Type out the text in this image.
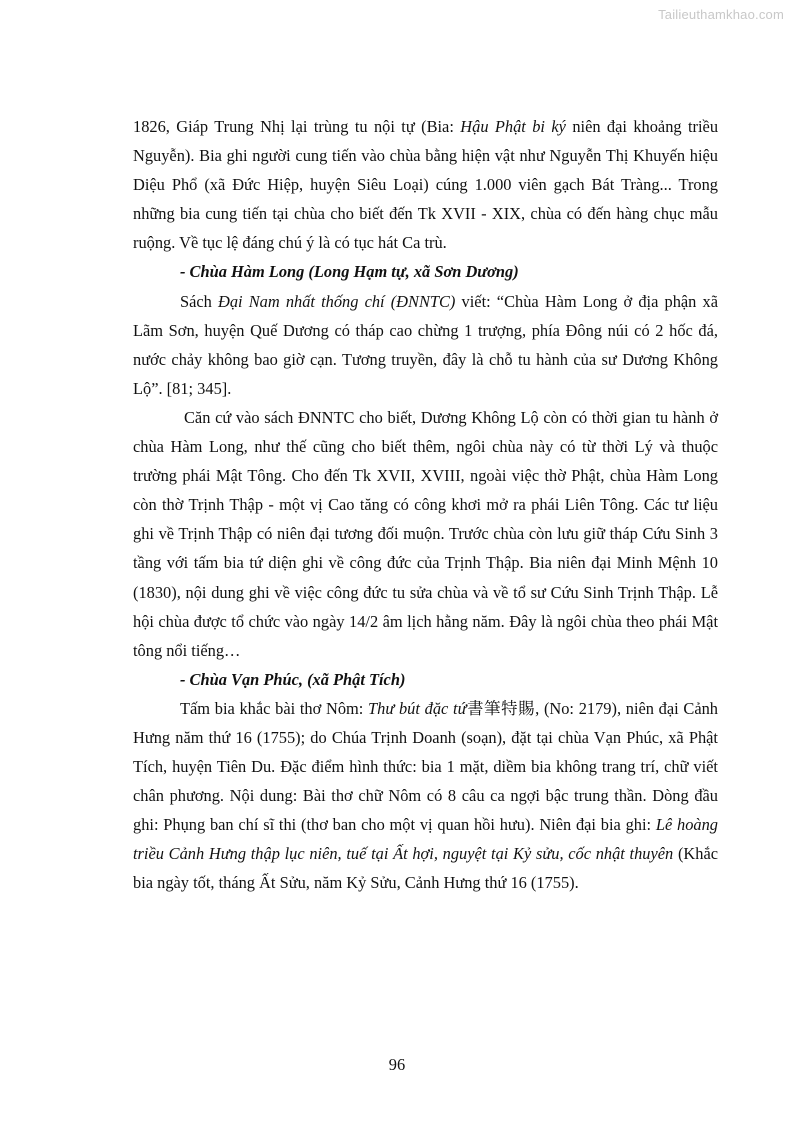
Tailieuthamkhao.com

1826, Giáp Trung Nhị lại trùng tu nội tự (Bia: Hậu Phật bi ký niên đại khoảng triều Nguyễn). Bia ghi người cung tiến vào chùa bằng hiện vật như Nguyễn Thị Khuyến hiệu Diệu Phổ (xã Đức Hiệp, huyện Siêu Loại) cúng 1.000 viên gạch Bát Tràng... Trong những bia cung tiến tại chùa cho biết đến Tk XVII - XIX, chùa có đến hàng chục mẫu ruộng. Về tục lệ đáng chú ý là có tục hát Ca trù.

- Chùa Hàm Long (Long Hạm tự, xã Sơn Dương)

Sách Đại Nam nhất thống chí (ĐNNTC) viết: “Chùa Hàm Long ở địa phận xã Lãm Sơn, huyện Quế Dương có tháp cao chừng 1 trượng, phía Đông núi có 2 hốc đá, nước chảy không bao giờ cạn. Tương truyền, đây là chỗ tu hành của sư Dương Không Lộ”. [81; 345].

Căn cứ vào sách ĐNNTC cho biết, Dương Không Lộ còn có thời gian tu hành ở chùa Hàm Long, như thế cũng cho biết thêm, ngôi chùa này có từ thời Lý và thuộc trường phái Mật Tông. Cho đến Tk XVII, XVIII, ngoài việc thờ Phật, chùa Hàm Long còn thờ Trịnh Thập - một vị Cao tăng có công khơi mở ra phái Liên Tông. Các tư liệu ghi về Trịnh Thập có niên đại tương đối muộn. Trước chùa còn lưu giữ tháp Cứu Sinh 3 tầng với tấm bia tứ diện ghi về công đức của Trịnh Thập. Bia niên đại Minh Mệnh 10 (1830), nội dung ghi về việc công đức tu sửa chùa và về tổ sư Cứu Sinh Trịnh Thập. Lễ hội chùa được tổ chức vào ngày 14/2 âm lịch hằng năm. Đây là ngôi chùa theo phái Mật tông nổi tiếng…

- Chùa Vạn Phúc, (xã Phật Tích)

Tấm bia khắc bài thơ Nôm: Thư bút đặc tứ書筆特賜, (No: 2179), niên đại Cảnh Hưng năm thứ 16 (1755); do Chúa Trịnh Doanh (soạn), đặt tại chùa Vạn Phúc, xã Phật Tích, huyện Tiên Du. Đặc điểm hình thức: bia 1 mặt, diềm bia không trang trí, chữ viết chân phương. Nội dung: Bài thơ chữ Nôm có 8 câu ca ngợi bậc trung thần. Dòng đầu ghi: Phụng ban chí sĩ thi (thơ ban cho một vị quan hồi hưu). Niên đại bia ghi: Lê hoàng triều Cảnh Hưng thập lục niên, tuế tại Ất hợi, nguyệt tại Kỷ sửu, cốc nhật thuyên (Khắc bia ngày tốt, tháng Ất Sửu, năm Kỷ Sửu, Cảnh Hưng thứ 16 (1755).

96
